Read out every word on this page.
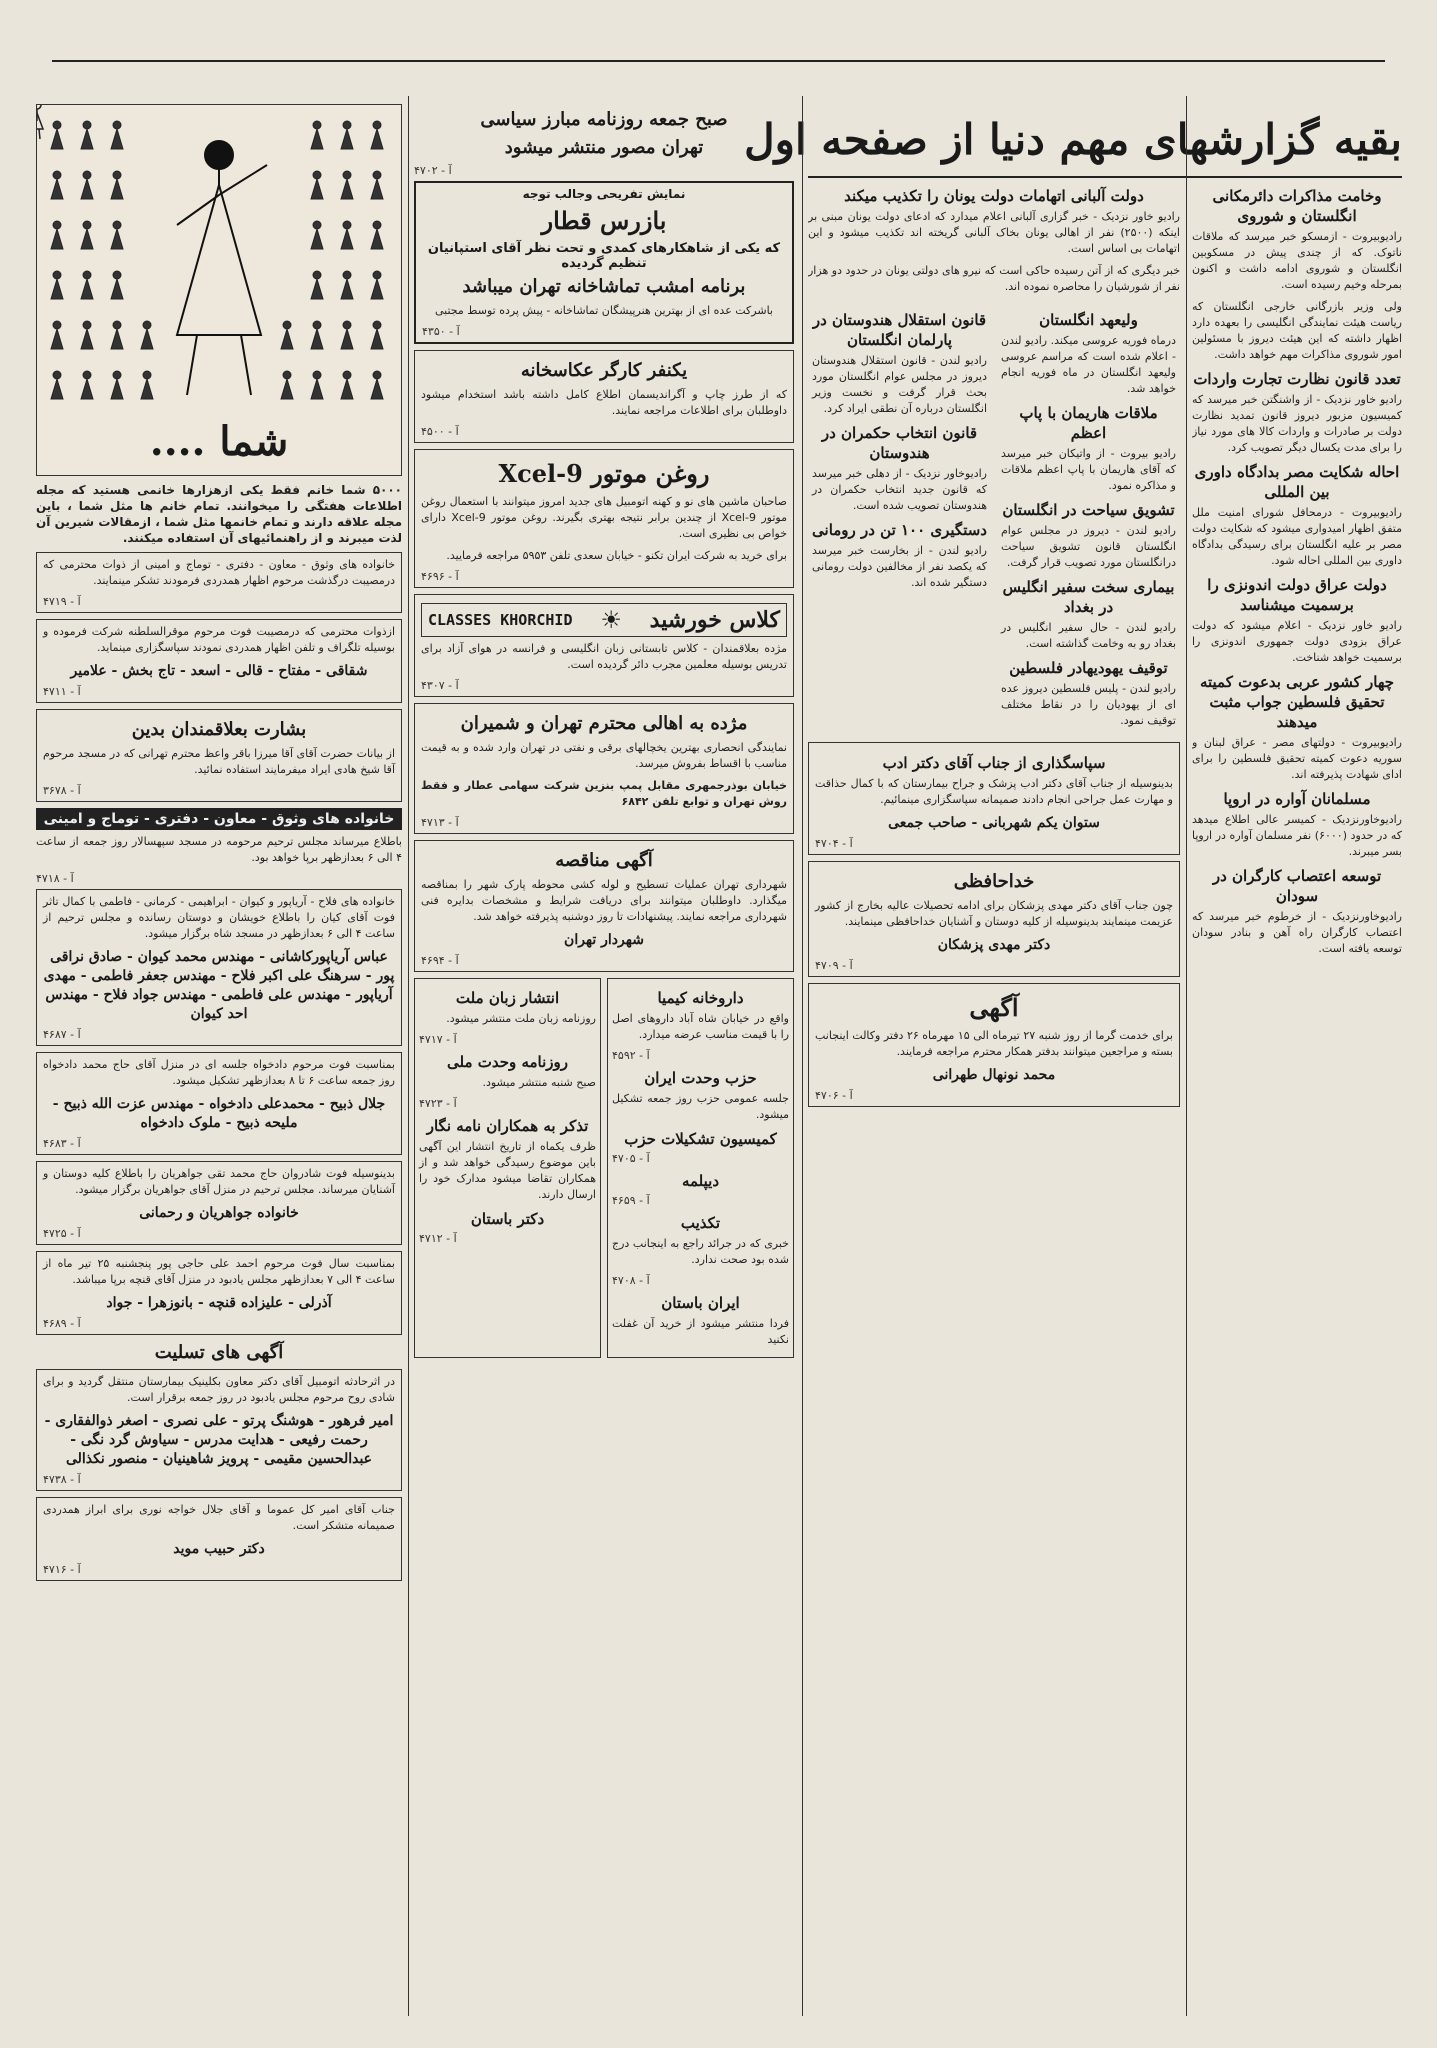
بقیه گزارشهای مهم دنیا از صفحه اول
وخامت مذاکرات دائرمکانی انگلستان و شوروی

رادیوبیروت - ازمسکو خبر میرسد که ملاقات ناتوک. که از چندی پیش در مسکوبین انگلستان و شوروی ادامه داشت و اکنون بمرحله وخیم رسیده است.

ولی وزیر بازرگانی خارجی انگلستان که ریاست هیئت نمایندگی انگلیسی را بعهده دارد اظهار داشته که این هیئت دیروز با مسئولین امور شوروی مذاکرات مهم خواهد داشت.

تعدد قانون نظارت تجارت واردات

رادیو خاور نزدیک - از واشنگتن خبر میرسد که کمیسیون مزبور دیروز قانون تمدید نظارت دولت بر صادرات و واردات کالا های مورد نیاز را برای مدت یکسال دیگر تصویب کرد.

احاله شکایت مصر بدادگاه داوری بین المللی

رادیوبیروت - درمحافل شورای امنیت ملل متفق اظهار امیدواری میشود که شکایت دولت مصر بر علیه انگلستان برای رسیدگی بدادگاه داوری بین المللی احاله شود.

دولت عراق دولت اندونزی را برسمیت میشناسد

رادیو خاور نزدیک - اعلام میشود که دولت عراق بزودی دولت جمهوری اندونزی را برسمیت خواهد شناخت.

چهار کشور عربی بدعوت کمیته تحقیق فلسطین جواب مثبت میدهند

رادیوبیروت - دولتهای مصر - عراق لبنان و سوریه دعوت کمیته تحقیق فلسطین را برای ادای شهادت پذیرفته اند.

مسلمانان آواره در اروپا

رادیوخاورنزدیک - کمیسر عالی اطلاع میدهد که در حدود (۶۰۰۰) نفر مسلمان آواره در اروپا بسر میبرند.

توسعه اعتصاب کارگران در سودان

رادیوخاورنزدیک - از خرطوم خبر میرسد که اعتصاب کارگران راه آهن و بنادر سودان توسعه یافته است.

دولت آلبانی اتهامات دولت یونان را تکذیب میکند

رادیو خاور نزدیک - خبر گزاری آلبانی اعلام میدارد که ادعای دولت یونان مبنی بر اینکه (۲۵۰۰) نفر از اهالی یونان بخاک آلبانی گریخته اند تکذیب میشود و این اتهامات بی اساس است.

خبر دیگری که از آتن رسیده حاکی است که نیرو های دولتی یونان در حدود دو هزار نفر از شورشیان را محاصره نموده اند.

ولیعهد انگلستان

درماه فوریه عروسی میکند. رادیو لندن - اعلام شده است که مراسم عروسی ولیعهد انگلستان در ماه فوریه انجام خواهد شد.

ملاقات هاریمان با پاپ اعظم

رادیو بیروت - از واتیکان خبر میرسد که آقای هاریمان با پاپ اعظم ملاقات و مذاکره نمود.

تشویق سیاحت در انگلستان

رادیو لندن - دیروز در مجلس عوام انگلستان قانون تشویق سیاحت درانگلستان مورد تصویب قرار گرفت.

بیماری سخت سفیر انگلیس در بغداد

رادیو لندن - حال سفیر انگلیس در بغداد رو به وخامت گذاشته است.

توقیف یهودیهادر فلسطین

رادیو لندن - پلیس فلسطین دیروز عده ای از یهودیان را در نقاط مختلف توقیف نمود.

قانون استقلال هندوستان در پارلمان انگلستان

رادیو لندن - قانون استقلال هندوستان دیروز در مجلس عوام انگلستان مورد بحث قرار گرفت و نخست وزیر انگلستان درباره آن نطقی ایراد کرد.

قانون انتخاب حکمران در هندوستان

رادیوخاور نزدیک - از دهلی خبر میرسد که قانون جدید انتخاب حکمران در هندوستان تصویب شده است.

دستگیری ۱۰۰ تن در رومانی

رادیو لندن - از بخارست خبر میرسد که یکصد نفر از مخالفین دولت رومانی دستگیر شده اند.

سپاسگذاری از جناب آقای دکتر ادب

بدینوسیله از جناب آقای دکتر ادب پزشک و جراح بیمارستان که با کمال حذاقت و مهارت عمل جراحی انجام دادند صمیمانه سپاسگزاری مینمائیم.

ستوان یکم شهربانی - صاحب جمعی
۴۷۰۴ - آ
خداحافظی

چون جناب آقای دکتر مهدی پزشکان برای ادامه تحصیلات عالیه بخارج از کشور عزیمت مینمایند بدینوسیله از کلیه دوستان و آشنایان خداحافظی مینمایند.

دکتر مهدی پزشکان
۴۷۰۹ - آ
آگهی

برای خدمت گرما از روز شنبه ۲۷ تیرماه الی ۱۵ مهرماه ۲۶ دفتر وکالت اینجانب بسته و مراجعین میتوانند بدفتر همکار محترم مراجعه فرمایند.

محمد نونهال طهرانی
۴۷۰۶ - آ
صبح جمعه روزنامه مبارز سیاسی
تهران مصور منتشر میشود
۴۷۰۲ - آ
نمایش تفریحی وجالب توجه
بازرس قطار
که یکی از شاهکارهای کمدی و تحت نظر آقای استپانیان تنظیم گردیده
برنامه امشب تماشاخانه تهران میباشد

باشرکت عده ای از بهترین هنرپیشگان تماشاخانه - پیش پرده توسط مجتبی

۴۳۵۰ - آ
یکنفر کارگر عکاسخانه

که از طرز چاپ و آگراندیسمان اطلاع کامل داشته باشد استخدام میشود داوطلبان برای اطلاعات مراجعه نمایند.

۴۵۰۰ - آ
روغن موتور Xcel-9

صاحبان ماشین های نو و کهنه اتومبیل های جدید امروز میتوانند با استعمال روغن موتور Xcel-9 از چندین برابر نتیجه بهتری بگیرند. روغن موتور Xcel-9 دارای خواص بی نظیری است.

برای خرید به شرکت ایران تکنو - خیابان سعدی تلفن ۵۹۵۳ مراجعه فرمایید.

۴۶۹۶ - آ
کلاس خورشید
☀
CLASSES KHORCHID

مژده بعلاقمندان - کلاس تابستانی زبان انگلیسی و فرانسه در هوای آزاد برای تدریس بوسیله معلمین مجرب دائر گردیده است.

۴۳۰۷ - آ
مژده به اهالی محترم تهران و شمیران

نمایندگی انحصاری بهترین یخچالهای برقی و نفتی در تهران وارد شده و به قیمت مناسب با اقساط بفروش میرسد.

خیابان بوذرجمهری مقابل پمپ بنزین شرکت سهامی عطار و فقط روش تهران و توابع تلفن ۶۸۴۲

۴۷۱۳ - آ
آگهی مناقصه

شهرداری تهران عملیات تسطیح و لوله کشی محوطه پارک شهر را بمناقصه میگذارد. داوطلبان میتوانند برای دریافت شرایط و مشخصات بدایره فنی شهرداری مراجعه نمایند. پیشنهادات تا روز دوشنبه پذیرفته خواهد شد.

شهردار تهران
۴۶۹۴ - آ
داروخانه کیمیا

واقع در خیابان شاه آباد داروهای اصل را با قیمت مناسب عرضه میدارد.

۴۵۹۲ - آ
حزب وحدت ایران

جلسه عمومی حزب روز جمعه تشکیل میشود.

کمیسیون تشکیلات حزب
۴۷۰۵ - آ
دیپلمه
۴۶۵۹ - آ
تکذیب

خبری که در جرائد راجع به اینجانب درج شده بود صحت ندارد.

۴۷۰۸ - آ
ایران باستان

فردا منتشر میشود از خرید آن غفلت نکنید

انتشار زبان ملت

روزنامه زبان ملت منتشر میشود.

۴۷۱۷ - آ
روزنامه وحدت ملی

صبح شنبه منتشر میشود.

۴۷۲۳ - آ
تذکر به همکاران نامه نگار

ظرف یکماه از تاریخ انتشار این آگهی باین موضوع رسیدگی خواهد شد و از همکاران تقاضا میشود مدارک خود را ارسال دارند.

دکتر باستان
۴۷۱۲ - آ
شما ....

۵۰۰۰ شما خانم فقط یکی ازهزارها خانمی هستید که مجله اطلاعات هفتگی را میخوانند. تمام خانم ها مثل شما ، باین مجله علاقه دارند و تمام خانمها مثل شما ، ازمقالات شیرین آن لذت میبرند و از راهنمائیهای آن استفاده میکنند.

خانواده های وثوق - معاون - دفتری - توماج و امینی از ذوات محترمی که درمصیبت درگذشت مرحوم اظهار همدردی فرمودند تشکر مینمایند.

۴۷۱۹ - آ

ازذوات محترمی که درمصیبت فوت مرحوم موقرالسلطنه شرکت فرموده و بوسیله تلگراف و تلفن اظهار همدردی نمودند سپاسگزاری مینماید.

شقاقی - مفتاح - قالی - اسعد - تاج بخش - علامیر
۴۷۱۱ - آ
بشارت بعلاقمندان بدین

از بیانات حضرت آقای آقا میرزا باقر واعظ محترم تهرانی که در مسجد مرحوم آقا شیخ هادی ایراد میفرمایند استفاده نمائید.

۳۶۷۸ - آ
خانواده های وثوق - معاون - دفتری - توماج و امینی

باطلاع میرساند مجلس ترحیم مرحومه در مسجد سپهسالار روز جمعه از ساعت ۴ الی ۶ بعدازظهر برپا خواهد بود.

۴۷۱۸ - آ

خانواده های فلاح - آریاپور و کیوان - ابراهیمی - کرمانی - فاطمی با کمال تاثر فوت آقای کیان را باطلاع خویشان و دوستان رسانده و مجلس ترحیم از ساعت ۴ الی ۶ بعدازظهر در مسجد شاه برگزار میشود.

عباس آریاپورکاشانی - مهندس محمد کیوان - صادق نراقی پور - سرهنگ علی اکبر فلاح - مهندس جعفر فاطمی - مهدی آریاپور - مهندس علی فاطمی - مهندس جواد فلاح - مهندس احد کیوان
۴۶۸۷ - آ

بمناسبت فوت مرحوم دادخواه جلسه ای در منزل آقای حاج محمد دادخواه روز جمعه ساعت ۶ تا ۸ بعدازظهر تشکیل میشود.

جلال ذبیح - محمدعلی دادخواه - مهندس عزت الله ذبیح - ملیحه ذبیح - ملوک دادخواه
۴۶۸۳ - آ

بدینوسیله فوت شادروان حاج محمد تقی جواهریان را باطلاع کلیه دوستان و آشنایان میرساند. مجلس ترحیم در منزل آقای جواهریان برگزار میشود.

خانواده جواهریان و رحمانی
۴۷۲۵ - آ

بمناسبت سال فوت مرحوم احمد علی حاجی پور پنجشنبه ۲۵ تیر ماه از ساعت ۴ الی ۷ بعدازظهر مجلس یادبود در منزل آقای قنچه برپا میباشد.

آذرلی - علیزاده قنچه - بانوزهرا - جواد
۴۶۸۹ - آ
آگهی های تسلیت

در اثرحادثه اتومبیل آقای دکتر معاون بکلینیک بیمارستان منتقل گردید و برای شادی روح مرحوم مجلس یادبود در روز جمعه برقرار است.

امیر فرهور - هوشنگ پرتو - علی نصری - اصغر ذوالفقاری - رحمت رفیعی - هدایت مدرس - سیاوش گرد نگی - عبدالحسین مقیمی - پرویز شاهینیان - منصور نکذالی
۴۷۳۸ - آ

جناب آقای امیر کل عموما و آقای جلال خواجه نوری برای ابراز همدردی صمیمانه متشکر است.

دکتر حبیب موید
۴۷۱۶ - آ
